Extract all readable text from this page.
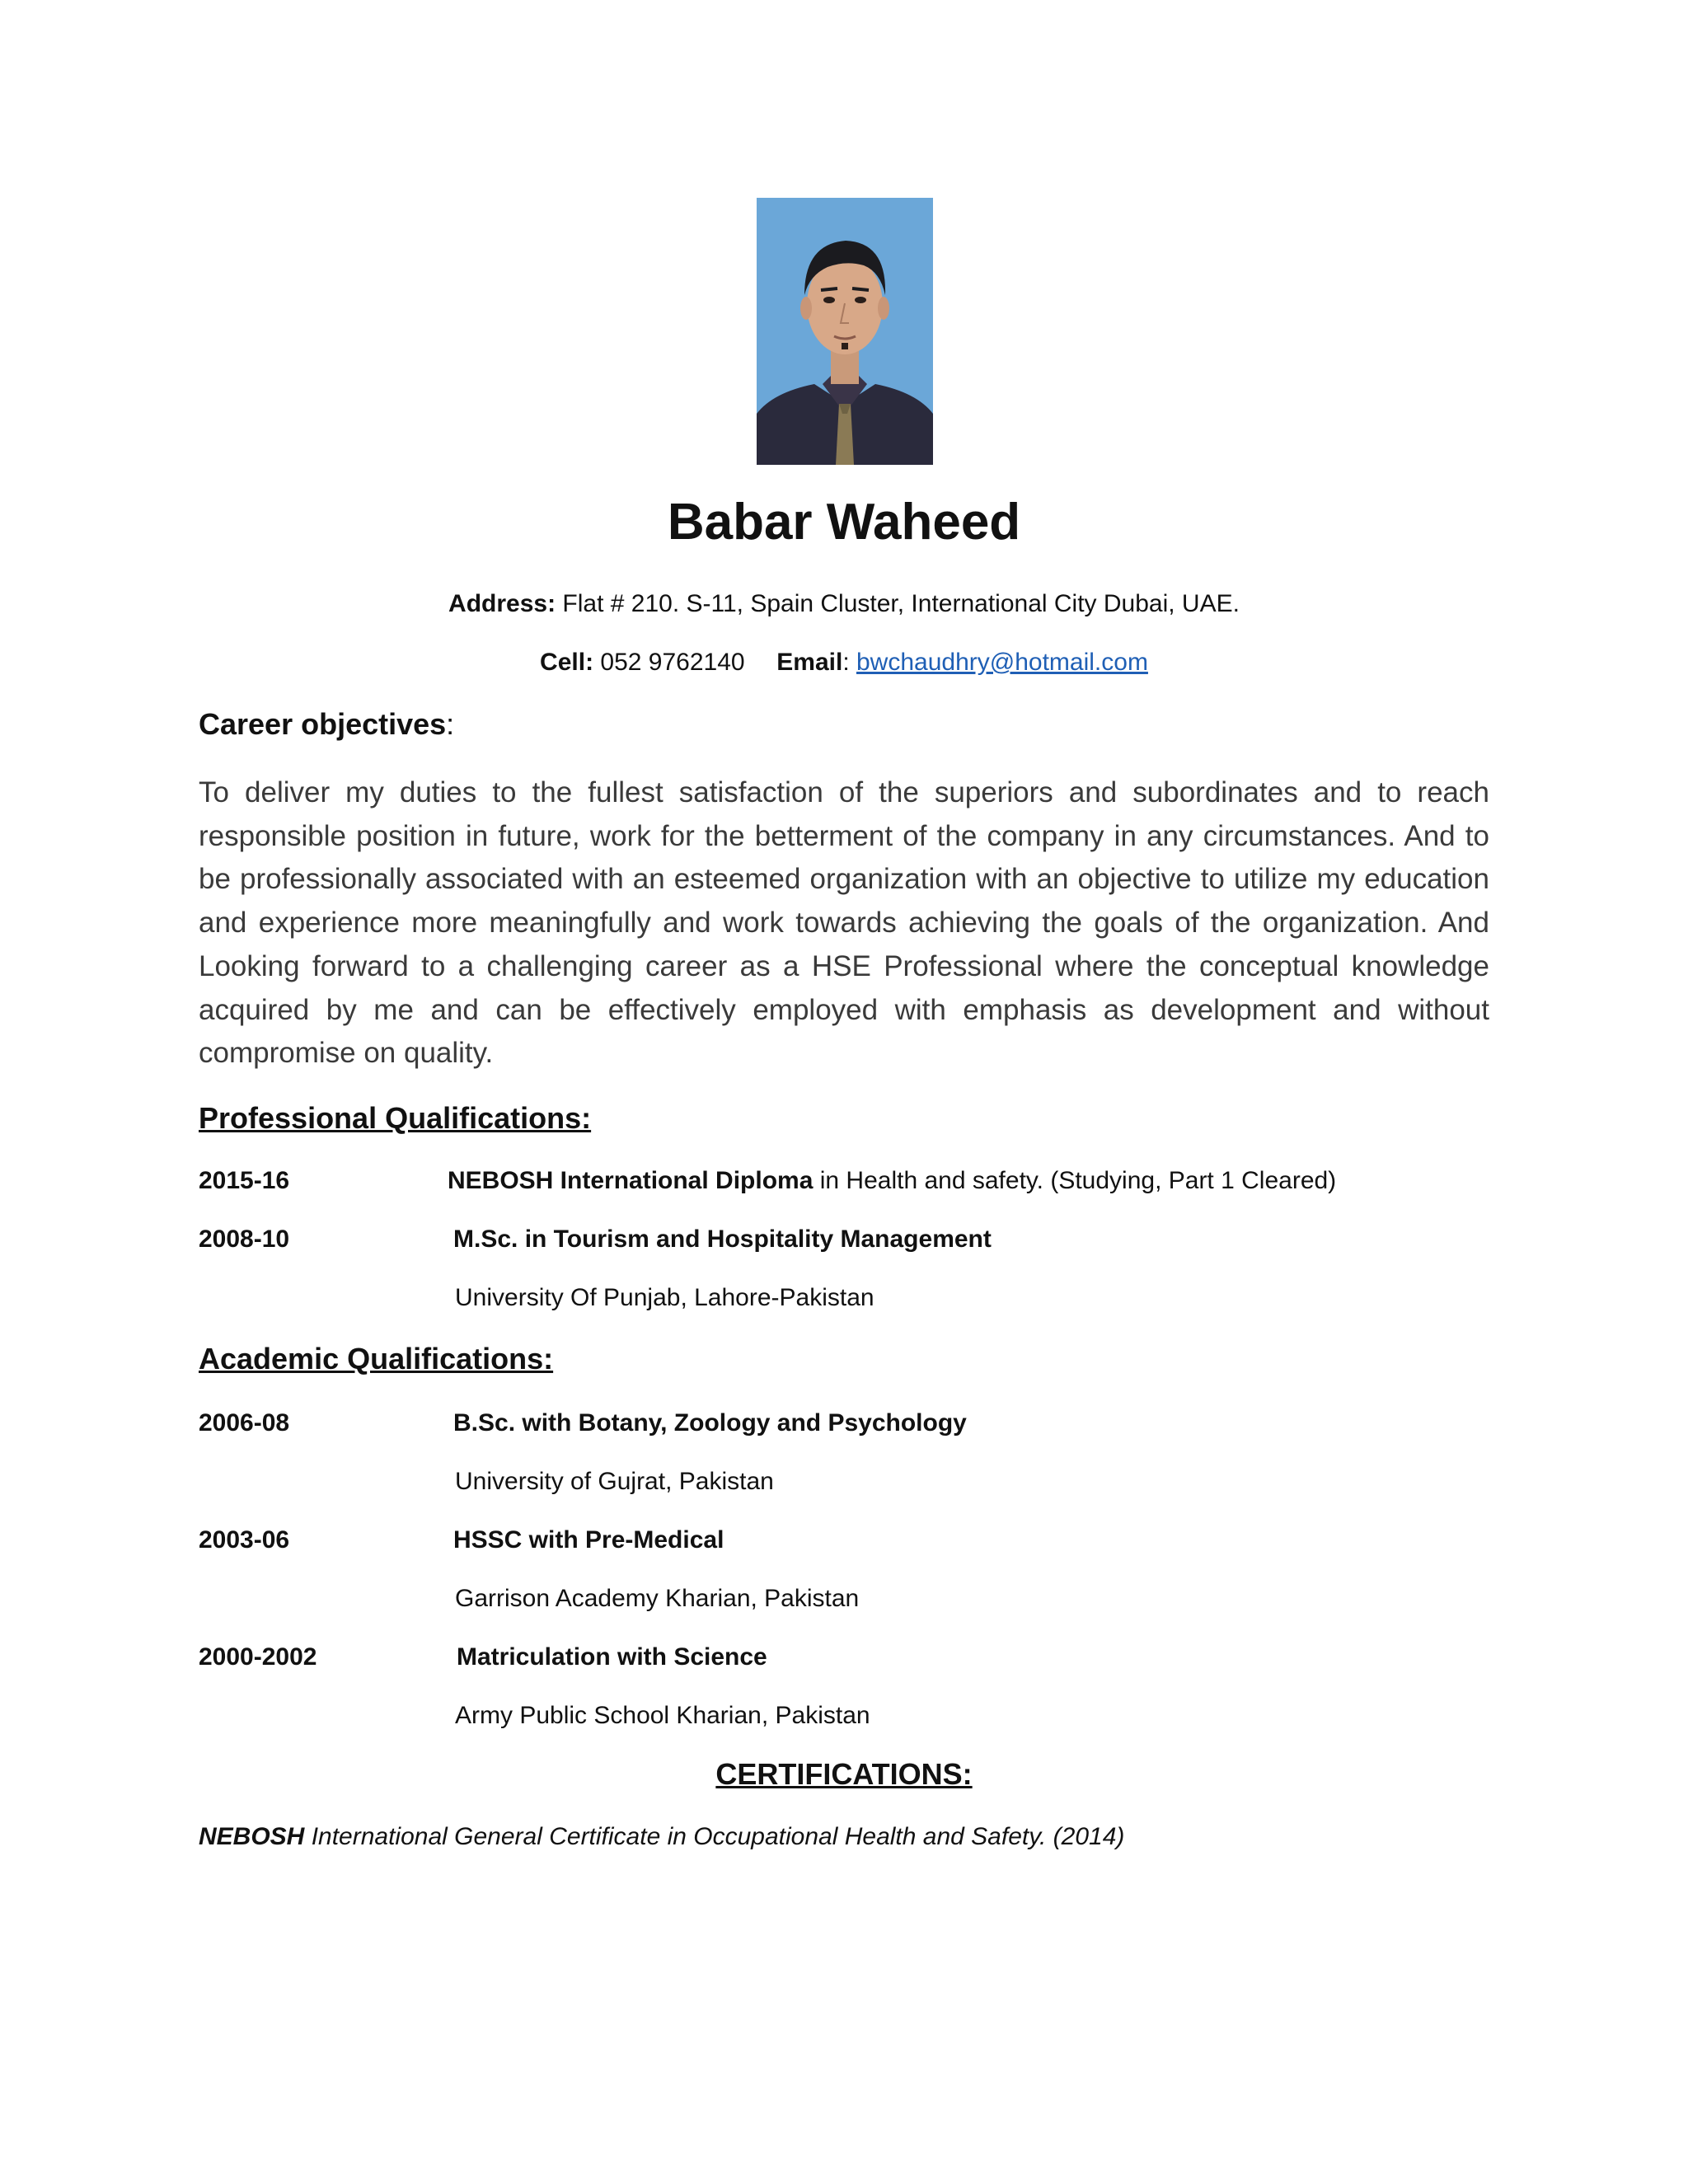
Babar Waheed
Address: Flat # 210. S-11, Spain Cluster, International City Dubai, UAE.
Cell: 052 9762140 Email: bwchaudhry@hotmail.com
Career objectives:
To deliver my duties to the fullest satisfaction of the superiors and subordinates and to reach responsible position in future, work for the betterment of the company in any circumstances. And to be professionally associated with an esteemed organization with an objective to utilize my education and experience more meaningfully and work towards achieving the goals of the organization. And Looking forward to a challenging career as a HSE Professional where the conceptual knowledge acquired by me and can be effectively employed with emphasis as development and without compromise on quality.
Professional Qualifications:
2015-16	NEBOSH International Diploma in Health and safety. (Studying, Part 1 Cleared)
2008-10	M.Sc. in Tourism and Hospitality Management
University Of Punjab, Lahore-Pakistan
Academic Qualifications:
2006-08	B.Sc. with Botany, Zoology and Psychology
University of Gujrat, Pakistan
2003-06	HSSC with Pre-Medical
Garrison Academy Kharian, Pakistan
2000-2002	Matriculation with Science
Army Public School Kharian, Pakistan
CERTIFICATIONS:
NEBOSH International General Certificate in Occupational Health and Safety. (2014)
